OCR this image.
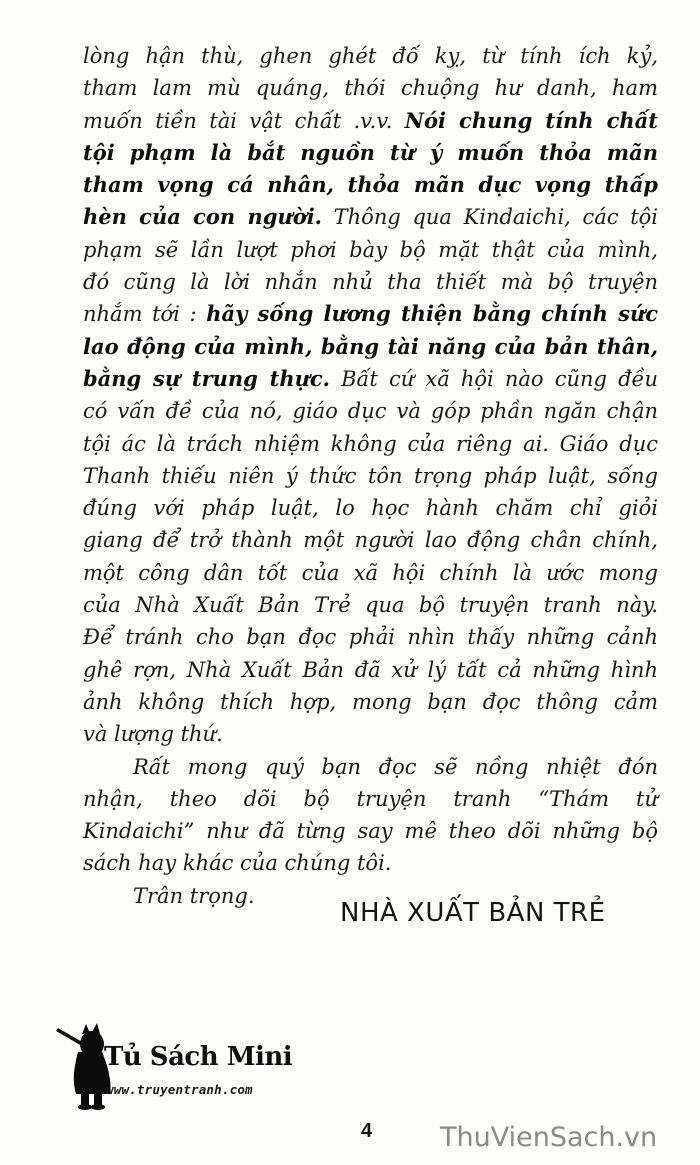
lòng hận thù, ghen ghét đố kỵ, từ tính ích kỷ,
tham lam mù quáng, thói chuộng hư danh, ham
muốn tiền tài vật chất .v.v. Nói chung tính chất
tội phạm là bắt nguồn từ ý muốn thỏa mãn
tham vọng cá nhân, thỏa mãn dục vọng thấp
hèn của con người. Thông qua Kindaichi, các tội
phạm sẽ lần lượt phơi bày bộ mặt thật của mình,
đó cũng là lời nhắn nhủ tha thiết mà bộ truyện
nhắm tới : hãy sống lương thiện bằng chính sức
lao động của mình, bằng tài năng của bản thân,
bằng sự trung thực. Bất cứ xã hội nào cũng đều
có vấn đề của nó, giáo dục và góp phần ngăn chận
tội ác là trách nhiệm không của riêng ai. Giáo dục
Thanh thiếu niên ý thức tôn trọng pháp luật, sống
đúng với pháp luật, lo học hành chăm chỉ giỏi
giang để trở thành một người lao động chân chính,
một công dân tốt của xã hội chính là ước mong
của Nhà Xuất Bản Trẻ qua bộ truyện tranh này.
Để tránh cho bạn đọc phải nhìn thấy những cảnh
ghê rợn, Nhà Xuất Bản đã xử lý tất cả những hình
ảnh không thích hợp, mong bạn đọc thông cảm
và lượng thứ.
Rất mong quý bạn đọc sẽ nồng nhiệt đón
nhận, theo dõi bộ truyện tranh “Thám tử
Kindaichi” như đã từng say mê theo dõi những bộ
sách hay khác của chúng tôi.
Trân trọng.
NHÀ XUẤT BẢN TRẺ
Tủ Sách Mini
www.truyentranh.com
4	ThuVienSach.vn
